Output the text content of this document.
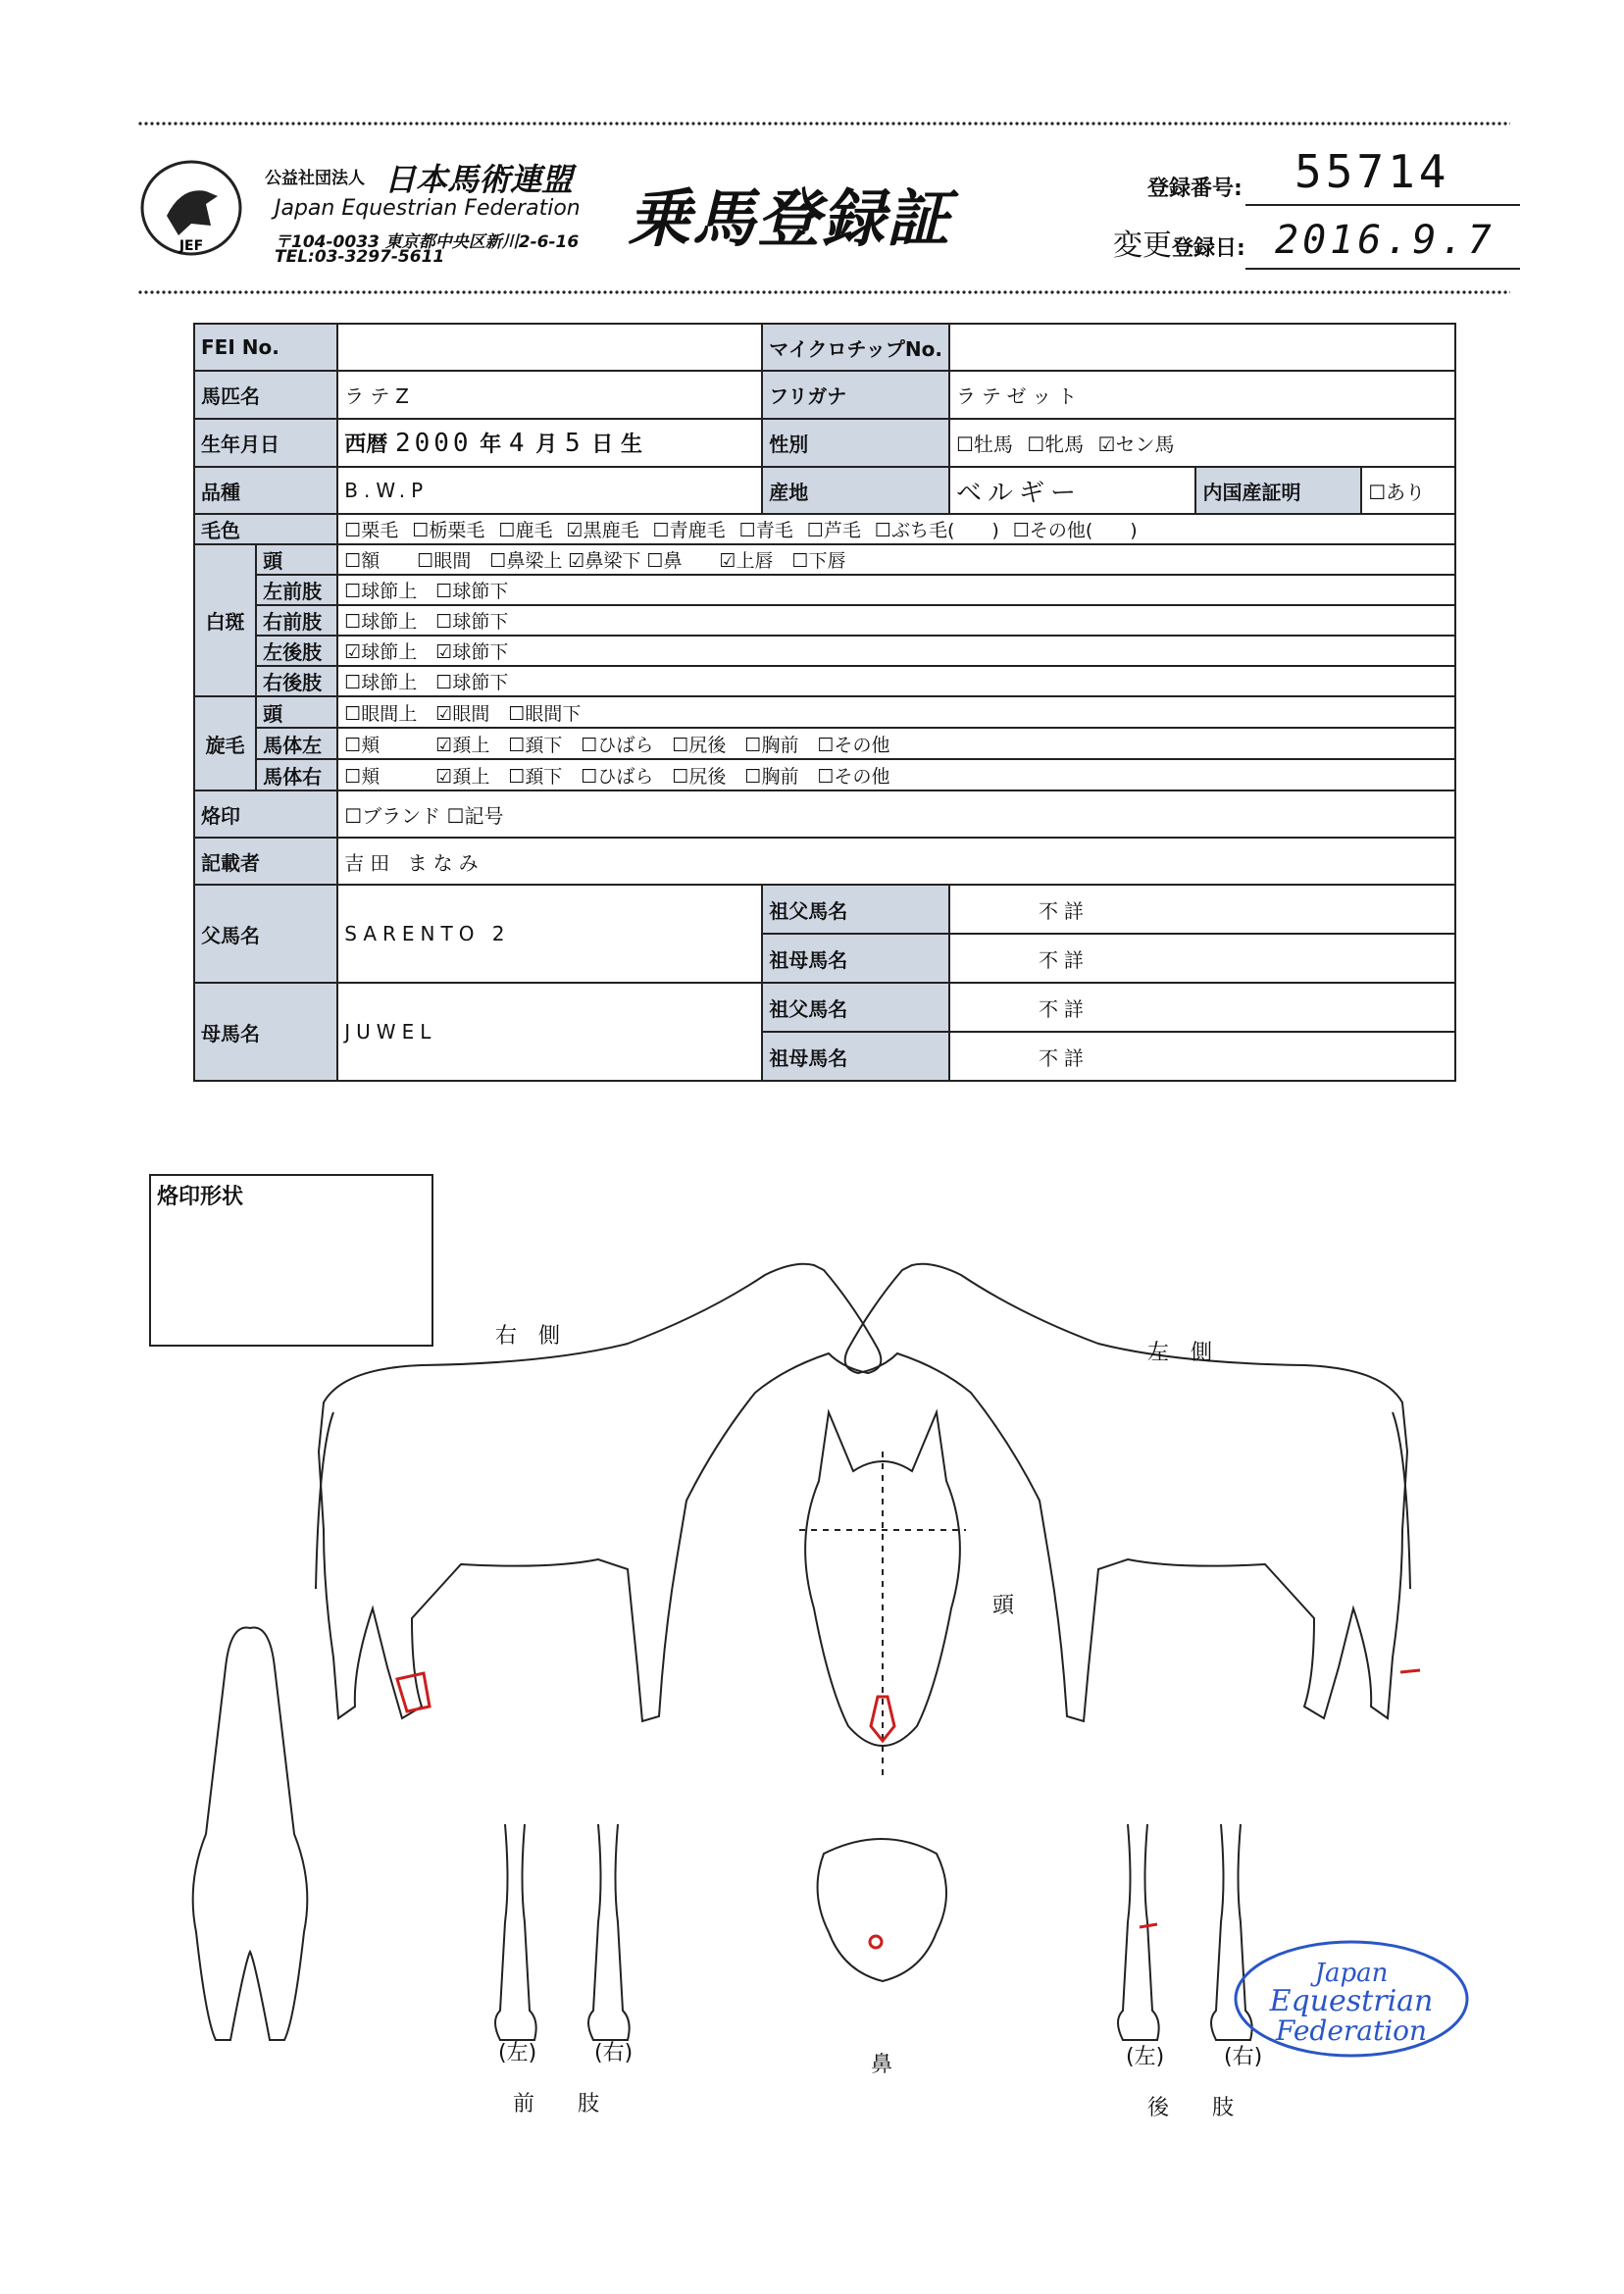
JEF
公益社団法人 日本馬術連盟
Japan Equestrian Federation
〒104-0033 東京都中央区新川2-6-16
TEL:03-3297-5611
乗馬登録証	登録番号: 55714
変更 登録日: 2016.9.7
FEI No.			マイクロチップNo.			
馬匹名		ラテZ	フリガナ	ラテゼット		
生年月日		西暦 2000 年 4 月 5 日 生	性別	☐牡馬 ☐牝馬 ☑セン馬		
品種		B.W.P	産地	ベルギー	内国産証明	☐あり
毛色		☐栗毛 ☐栃栗毛 ☐鹿毛 ☑黒鹿毛 ☐青鹿毛 ☐青毛 ☐芦毛 ☐ぶち毛(　　) ☐その他(　　)				
白斑	頭	☐額　　☐眼間　☐鼻梁上 ☑鼻梁下 ☐鼻　　☑上唇　☐下唇				
	左前肢	☐球節上　☐球節下				
	右前肢	☐球節上　☐球節下				
	左後肢	☑球節上　☑球節下				
	右後肢	☐球節上　☐球節下				
旋毛	頭	☐眼間上　☑眼間　☐眼間下				
	馬体左	☐頬　　　☑頚上　☐頚下　☐ひばら　☐尻後　☐胸前　☐その他				
	馬体右	☐頬　　　☑頚上　☐頚下　☐ひばら　☐尻後　☐胸前　☐その他				
烙印		☐ブランド ☐記号				
記載者		吉田 まなみ				
父馬名		SARENTO 2	祖父馬名	不詳		
			祖母馬名	不詳		
母馬名		JUWEL	祖父馬名	不詳		
			祖母馬名	不詳		
烙印形状
Japan
Equestrian
Federation
右　側
左　側
頭
鼻
(左)	(右)
前　　肢
(左)	(右)
後　　肢
